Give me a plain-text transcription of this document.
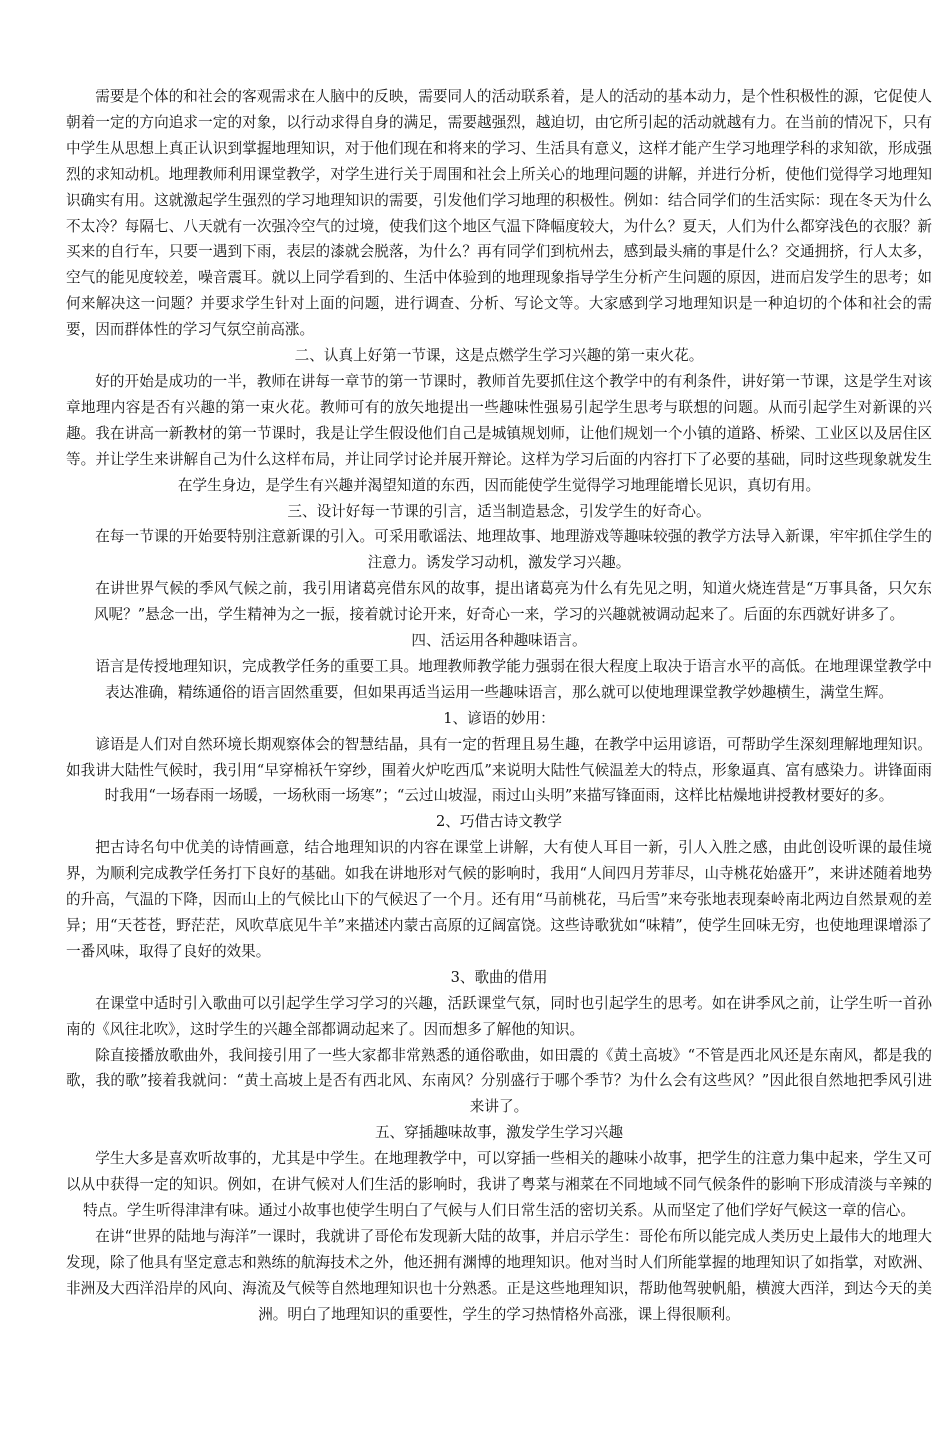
需要是个体的和社会的客观需求在人脑中的反映，需要同人的活动联系着，是人的活动的基本动力，是个性积极性的源，它促使人朝着一定的方向追求一定的对象，以行动求得自身的满足，需要越强烈，越迫切，由它所引起的活动就越有力。在当前的情况下，只有中学生从思想上真正认识到掌握地理知识，对于他们现在和将来的学习、生活具有意义，这样才能产生学习地理学科的求知欲，形成强烈的求知动机。地理教师利用课堂教学，对学生进行关于周围和社会上所关心的地理问题的讲解，并进行分析，使他们觉得学习地理知识确实有用。这就激起学生强烈的学习地理知识的需要，引发他们学习地理的积极性。例如：结合同学们的生活实际：现在冬天为什么不太冷？每隔七、八天就有一次强冷空气的过境，使我们这个地区气温下降幅度较大，为什么？夏天，人们为什么都穿浅色的衣服？新买来的自行车，只要一遇到下雨，表层的漆就会脱落，为什么？再有同学们到杭州去，感到最头痛的事是什么？交通拥挤，行人太多，空气的能见度较差，噪音震耳。就以上同学看到的、生活中体验到的地理现象指导学生分析产生问题的原因，进而启发学生的思考；如何来解决这一问题？并要求学生针对上面的问题，进行调查、分析、写论文等。大家感到学习地理知识是一种迫切的个体和社会的需要，因而群体性的学习气氛空前高涨。

二、认真上好第一节课，这是点燃学生学习兴趣的第一束火花。

好的开始是成功的一半，教师在讲每一章节的第一节课时，教师首先要抓住这个教学中的有利条件，讲好第一节课，这是学生对该章地理内容是否有兴趣的第一束火花。教师可有的放矢地提出一些趣味性强易引起学生思考与联想的问题。从而引起学生对新课的兴趣。我在讲高一新教材的第一节课时，我是让学生假设他们自己是城镇规划师，让他们规划一个小镇的道路、桥梁、工业区以及居住区等。并让学生来讲解自己为什么这样布局，并让同学讨论并展开辩论。这样为学习后面的内容打下了必要的基础，同时这些现象就发生在学生身边，是学生有兴趣并渴望知道的东西，因而能使学生觉得学习地理能增长见识，真切有用。

三、设计好每一节课的引言，适当制造悬念，引发学生的好奇心。

在每一节课的开始要特别注意新课的引入。可采用歌谣法、地理故事、地理游戏等趣味较强的教学方法导入新课，牢牢抓住学生的注意力。诱发学习动机，激发学习兴趣。

在讲世界气候的季风气候之前，我引用诸葛亮借东风的故事，提出诸葛亮为什么有先见之明，知道火烧连营是“万事具备，只欠东风呢？”悬念一出，学生精神为之一振，接着就讨论开来，好奇心一来，学习的兴趣就被调动起来了。后面的东西就好讲多了。

四、活运用各种趣味语言。

语言是传授地理知识，完成教学任务的重要工具。地理教师教学能力强弱在很大程度上取决于语言水平的高低。在地理课堂教学中表达准确，精练通俗的语言固然重要，但如果再适当运用一些趣味语言，那么就可以使地理课堂教学妙趣横生，满堂生辉。

1、谚语的妙用：

谚语是人们对自然环境长期观察体会的智慧结晶，具有一定的哲理且易生趣，在教学中运用谚语，可帮助学生深刻理解地理知识。如我讲大陆性气候时，我引用“早穿棉袄午穿纱，围着火炉吃西瓜”来说明大陆性气候温差大的特点，形象逼真、富有感染力。讲锋面雨时我用“一场春雨一场暖，一场秋雨一场寒”；“云过山坡湿，雨过山头明”来描写锋面雨，这样比枯燥地讲授教材要好的多。

2、巧借古诗文教学

把古诗名句中优美的诗情画意，结合地理知识的内容在课堂上讲解，大有使人耳目一新，引人入胜之感，由此创设听课的最佳境界，为顺利完成教学任务打下良好的基础。如我在讲地形对气候的影响时，我用“人间四月芳菲尽，山寺桃花始盛开”，来讲述随着地势的升高，气温的下降，因而山上的气候比山下的气候迟了一个月。还有用“马前桃花，马后雪”来夸张地表现秦岭南北两边自然景观的差异；用“天苍苍，野茫茫，风吹草底见牛羊”来描述内蒙古高原的辽阔富饶。这些诗歌犹如“味精”，使学生回味无穷，也使地理课增添了一番风味，取得了良好的效果。

3、歌曲的借用

在课堂中适时引入歌曲可以引起学生学习学习的兴趣，活跃课堂气氛，同时也引起学生的思考。如在讲季风之前，让学生听一首孙南的《风往北吹》，这时学生的兴趣全部都调动起来了。因而想多了解他的知识。

除直接播放歌曲外，我间接引用了一些大家都非常熟悉的通俗歌曲，如田震的《黄土高坡》“不管是西北风还是东南风，都是我的歌，我的歌”接着我就问：“黄土高坡上是否有西北风、东南风？分别盛行于哪个季节？为什么会有这些风？”因此很自然地把季风引进来讲了。

五、穿插趣味故事，激发学生学习兴趣

学生大多是喜欢听故事的，尤其是中学生。在地理教学中，可以穿插一些相关的趣味小故事，把学生的注意力集中起来，学生又可以从中获得一定的知识。例如，在讲气候对人们生活的影响时，我讲了粤菜与湘菜在不同地域不同气候条件的影响下形成清淡与辛辣的特点。学生听得津津有味。通过小故事也使学生明白了气候与人们日常生活的密切关系。从而坚定了他们学好气候这一章的信心。

在讲“世界的陆地与海洋”一课时，我就讲了哥伦布发现新大陆的故事，并启示学生：哥伦布所以能完成人类历史上最伟大的地理大发现，除了他具有坚定意志和熟练的航海技术之外，他还拥有渊博的地理知识。他对当时人们所能掌握的地理知识了如指掌，对欧洲、非洲及大西洋沿岸的风向、海流及气候等自然地理知识也十分熟悉。正是这些地理知识，帮助他驾驶帆船，横渡大西洋，到达今天的美洲。明白了地理知识的重要性，学生的学习热情格外高涨，课上得很顺利。
